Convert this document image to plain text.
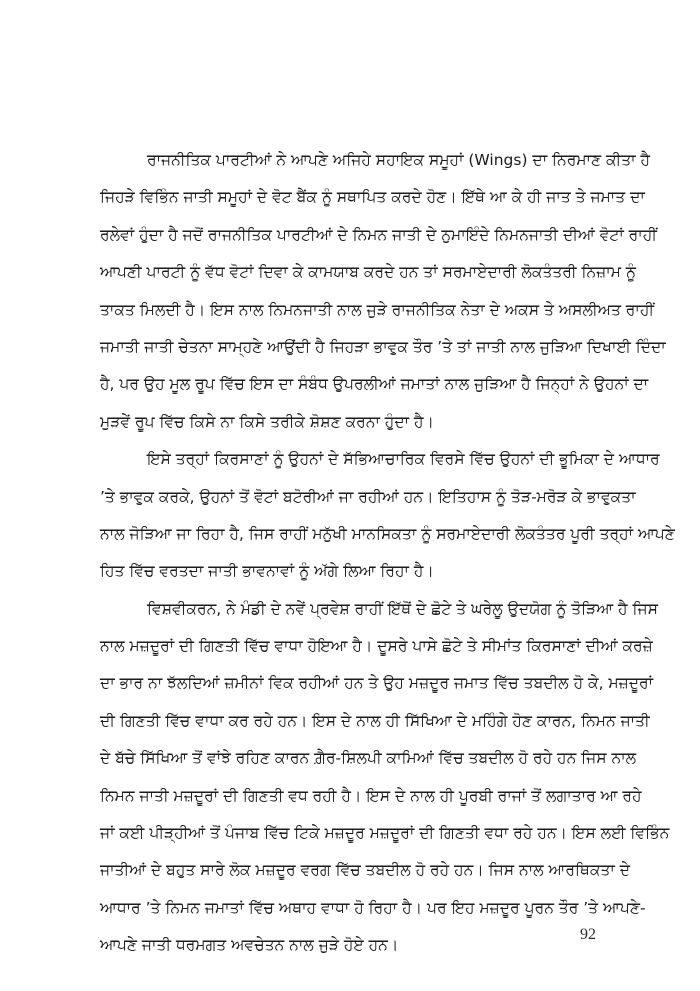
ਰਾਜਨੀਤਿਕ ਪਾਰਟੀਆਂ ਨੇ ਆਪਣੇ ਅਜਿਹੇ ਸਹਾਇਕ ਸਮੂਹਾਂ (Wings) ਦਾ ਨਿਰਮਾਣ ਕੀਤਾ ਹੈ
ਜਿਹੜੇ ਵਿਭਿੰਨ ਜਾਤੀ ਸਮੂਹਾਂ ਦੇ ਵੋਟ ਬੈਂਕ ਨੂੰ ਸਥਾਪਿਤ ਕਰਦੇ ਹੋਣ। ਇੱਥੇ ਆ ਕੇ ਹੀ ਜਾਤ ਤੇ ਜਮਾਤ ਦਾ
ਰਲੇਵਾਂ ਹੁੰਦਾ ਹੈ ਜਦੋਂ ਰਾਜਨੀਤਿਕ ਪਾਰਟੀਆਂ ਦੇ ਨਿਮਨ ਜਾਤੀ ਦੇ ਨੁਮਾਇੰਦੇ ਨਿਮਨਜਾਤੀ ਦੀਆਂ ਵੋਟਾਂ ਰਾਹੀਂ
ਆਪਣੀ ਪਾਰਟੀ ਨੂੰ ਵੱਧ ਵੋਟਾਂ ਦਿਵਾ ਕੇ ਕਾਮਯਾਬ ਕਰਦੇ ਹਨ ਤਾਂ ਸਰਮਾਏਦਾਰੀ ਲੋਕਤੰਤਰੀ ਨਿਜ਼ਾਮ ਨੂੰ
ਤਾਕਤ ਮਿਲਦੀ ਹੈ। ਇਸ ਨਾਲ ਨਿਮਨਜਾਤੀ ਨਾਲ ਜੁੜੇ ਰਾਜਨੀਤਿਕ ਨੇਤਾ ਦੇ ਅਕਸ ਤੇ ਅਸਲੀਅਤ ਰਾਹੀਂ
ਜਮਾਤੀ ਜਾਤੀ ਚੇਤਨਾ ਸਾਮ੍ਹਣੇ ਆਉਂਦੀ ਹੈ ਜਿਹੜਾ ਭਾਵੁਕ ਤੌਰ ’ਤੇ ਤਾਂ ਜਾਤੀ ਨਾਲ ਜੁੜਿਆ ਦਿਖਾਈ ਦਿੰਦਾ
ਹੈ, ਪਰ ਉਹ ਮੂਲ ਰੂਪ ਵਿੱਚ ਇਸ ਦਾ ਸੰਬੰਧ ਉਪਰਲੀਆਂ ਜਮਾਤਾਂ ਨਾਲ ਜੁੜਿਆ ਹੈ ਜਿਨ੍ਹਾਂ ਨੇ ਉਹਨਾਂ ਦਾ
ਮੁੜਵੇਂ ਰੂਪ ਵਿੱਚ ਕਿਸੇ ਨਾ ਕਿਸੇ ਤਰੀਕੇ ਸ਼ੋਸ਼ਣ ਕਰਨਾ ਹੁੰਦਾ ਹੈ।
ਇਸੇ ਤਰ੍ਹਾਂ ਕਿਰਸਾਣਾਂ ਨੂੰ ਉਹਨਾਂ ਦੇ ਸੱਭਿਆਚਾਰਿਕ ਵਿਰਸੇ ਵਿੱਚ ਉਹਨਾਂ ਦੀ ਭੂਮਿਕਾ ਦੇ ਆਧਾਰ
’ਤੇ ਭਾਵੁਕ ਕਰਕੇ, ਉਹਨਾਂ ਤੋਂ ਵੋਟਾਂ ਬਟੋਰੀਆਂ ਜਾ ਰਹੀਆਂ ਹਨ। ਇਤਿਹਾਸ ਨੂੰ ਤੋੜ-ਮਰੋੜ ਕੇ ਭਾਵੁਕਤਾ
ਨਾਲ ਜੋੜਿਆ ਜਾ ਰਿਹਾ ਹੈ, ਜਿਸ ਰਾਹੀਂ ਮਨੁੱਖੀ ਮਾਨਸਿਕਤਾ ਨੂੰ ਸਰਮਾਏਦਾਰੀ ਲੋਕਤੰਤਰ ਪੂਰੀ ਤਰ੍ਹਾਂ ਆਪਣੇ
ਹਿਤ ਵਿੱਚ ਵਰਤਦਾ ਜਾਤੀ ਭਾਵਨਾਵਾਂ ਨੂੰ ਅੱਗੇ ਲਿਆ ਰਿਹਾ ਹੈ।
ਵਿਸ਼ਵੀਕਰਨ, ਨੇ ਮੰਡੀ ਦੇ ਨਵੇਂ ਪ੍ਰਵੇਸ਼ ਰਾਹੀਂ ਇੱਥੋਂ ਦੇ ਛੋਟੇ ਤੇ ਘਰੇਲੂ ਉਦਯੋਗ ਨੂੰ ਤੋੜਿਆ ਹੈ ਜਿਸ
ਨਾਲ ਮਜ਼ਦੂਰਾਂ ਦੀ ਗਿਣਤੀ ਵਿੱਚ ਵਾਧਾ ਹੋਇਆ ਹੈ। ਦੂਸਰੇ ਪਾਸੇ ਛੋਟੇ ਤੇ ਸੀਮਾਂਤ ਕਿਰਸਾਣਾਂ ਦੀਆਂ ਕਰਜ਼ੇ
ਦਾ ਭਾਰ ਨਾ ਝੱਲਦਿਆਂ ਜ਼ਮੀਨਾਂ ਵਿਕ ਰਹੀਆਂ ਹਨ ਤੇ ਉਹ ਮਜ਼ਦੂਰ ਜਮਾਤ ਵਿੱਚ ਤਬਦੀਲ ਹੋ ਕੇ, ਮਜ਼ਦੂਰਾਂ
ਦੀ ਗਿਣਤੀ ਵਿੱਚ ਵਾਧਾ ਕਰ ਰਹੇ ਹਨ। ਇਸ ਦੇ ਨਾਲ ਹੀ ਸਿੱਖਿਆ ਦੇ ਮਹਿੰਗੇ ਹੋਣ ਕਾਰਨ, ਨਿਮਨ ਜਾਤੀ
ਦੇ ਬੱਚੇ ਸਿੱਖਿਆ ਤੋਂ ਵਾਂਝੇ ਰਹਿਣ ਕਾਰਨ ਗ਼ੈਰ-ਸ਼ਿਲਪੀ ਕਾਮਿਆਂ ਵਿੱਚ ਤਬਦੀਲ ਹੋ ਰਹੇ ਹਨ ਜਿਸ ਨਾਲ
ਨਿਮਨ ਜਾਤੀ ਮਜ਼ਦੂਰਾਂ ਦੀ ਗਿਣਤੀ ਵਧ ਰਹੀ ਹੈ। ਇਸ ਦੇ ਨਾਲ ਹੀ ਪੂਰਬੀ ਰਾਜਾਂ ਤੋਂ ਲਗਾਤਾਰ ਆ ਰਹੇ
ਜਾਂ ਕਈ ਪੀੜ੍ਹੀਆਂ ਤੋਂ ਪੰਜਾਬ ਵਿੱਚ ਟਿਕੇ ਮਜ਼ਦੂਰ ਮਜ਼ਦੂਰਾਂ ਦੀ ਗਿਣਤੀ ਵਧਾ ਰਹੇ ਹਨ। ਇਸ ਲਈ ਵਿਭਿੰਨ
ਜਾਤੀਆਂ ਦੇ ਬਹੁਤ ਸਾਰੇ ਲੋਕ ਮਜ਼ਦੂਰ ਵਰਗ ਵਿੱਚ ਤਬਦੀਲ ਹੋ ਰਹੇ ਹਨ। ਜਿਸ ਨਾਲ ਆਰਥਿਕਤਾ ਦੇ
ਆਧਾਰ ’ਤੇ ਨਿਮਨ ਜਮਾਤਾਂ ਵਿੱਚ ਅਥਾਹ ਵਾਧਾ ਹੋ ਰਿਹਾ ਹੈ। ਪਰ ਇਹ ਮਜ਼ਦੂਰ ਪੂਰਨ ਤੌਰ ’ਤੇ ਆਪਣੇ-
ਆਪਣੇ ਜਾਤੀ ਧਰਮਗਤ ਅਵਚੇਤਨ ਨਾਲ ਜੁੜੇ ਹੋਏ ਹਨ।
92
